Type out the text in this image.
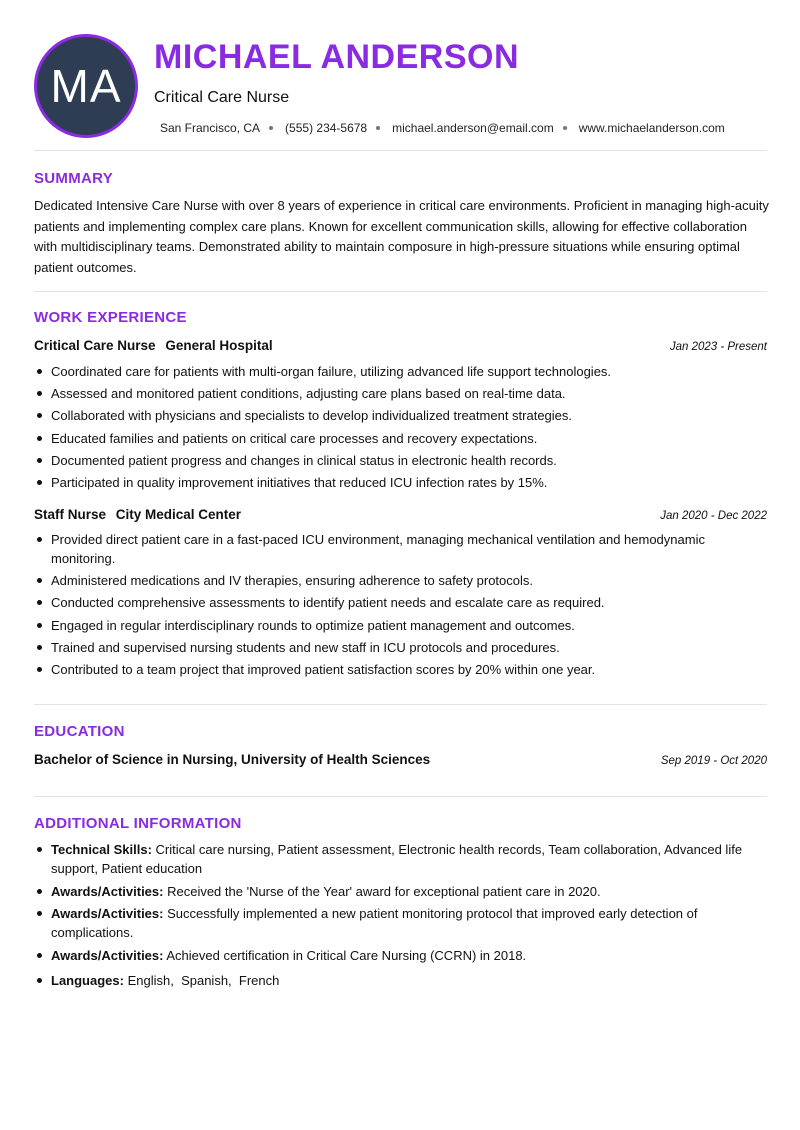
MA
MICHAEL ANDERSON
Critical Care Nurse
San Francisco, CA (555) 234-5678 michael.anderson@email.com www.michaelanderson.com
SUMMARY

Dedicated Intensive Care Nurse with over 8 years of experience in critical care environments. Proficient in managing high-acuity patients and implementing complex care plans. Known for excellent communication skills, allowing for effective collaboration with multidisciplinary teams. Demonstrated ability to maintain composure in high-pressure situations while ensuring optimal patient outcomes.

WORK EXPERIENCE
Critical Care Nurse General Hospital	Jan 2023 - Present
Coordinated care for patients with multi-organ failure, utilizing advanced life support technologies.
Assessed and monitored patient conditions, adjusting care plans based on real-time data.
Collaborated with physicians and specialists to develop individualized treatment strategies.
Educated families and patients on critical care processes and recovery expectations.
Documented patient progress and changes in clinical status in electronic health records.
Participated in quality improvement initiatives that reduced ICU infection rates by 15%.
Staff Nurse City Medical Center	Jan 2020 - Dec 2022
Provided direct patient care in a fast-paced ICU environment, managing mechanical ventilation and hemodynamic monitoring.
Administered medications and IV therapies, ensuring adherence to safety protocols.
Conducted comprehensive assessments to identify patient needs and escalate care as required.
Engaged in regular interdisciplinary rounds to optimize patient management and outcomes.
Trained and supervised nursing students and new staff in ICU protocols and procedures.
Contributed to a team project that improved patient satisfaction scores by 20% within one year.
EDUCATION
Bachelor of Science in Nursing, University of Health Sciences	Sep 2019 - Oct 2020
ADDITIONAL INFORMATION
Technical Skills: Critical care nursing, Patient assessment, Electronic health records, Team collaboration, Advanced life support, Patient education
Awards/Activities: Received the 'Nurse of the Year' award for exceptional patient care in 2020.
Awards/Activities: Successfully implemented a new patient monitoring protocol that improved early detection of complications.
Awards/Activities: Achieved certification in Critical Care Nursing (CCRN) in 2018.
Languages: English,  Spanish,  French
